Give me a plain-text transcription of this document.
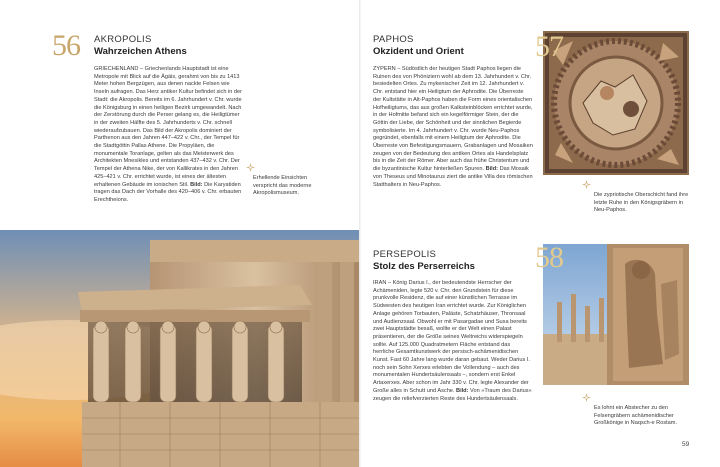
56 AKROPOLIS
Wahrzeichen Athens

GRIECHENLAND – Griechenlands Hauptstadt ist eine Metropole mit Blick auf die Ägäis, gerahmt von bis zu 1413 Meter hohen Bergzügen, aus denen nackte Felsen wie Inseln aufragen. Das Herz antiker Kultur befindet sich in der Stadt: die Akropolis. Bereits im 6. Jahrhundert v. Chr. wurde die Königsburg in einen heiligen Bezirk umgewandelt. Nach der Zerstörung durch die Perser gelang es, die Heiligtümer in der zweiten Hälfte des 5. Jahrhunderts v. Chr. schnell wiederaufzubauen. Das Bild der Akropolis dominiert der Parthenon aus den Jahren 447–422 v. Chr., der Tempel für die Stadtgöttin Pallas Athene. Die Propyläen, die monumentale Toranlage, gelten als das Meisterwerk des Architekten Mnesikles und entstanden 437–432 v. Chr. Der Tempel der Athena Nike, der von Kallikrates in den Jahren 425–421 v. Chr. errichtet wurde, ist eines der ältesten erhaltenen Gebäude im ionischen Stil. Bild: Die Karyatiden tragen das Dach der Vorhalle des 420–406 v. Chr. erbauten Erechtheions.

Erhellende Einsichten verspricht das moderne Akropolismuseum.
PAPHOS
Okzident und Orient

ZYPERN – Südöstlich der heutigen Stadt Paphos liegen die Ruinen des von Phöniziern wohl ab dem 13. Jahrhundert v. Chr. besiedelten Ortes. Zu mykenischer Zeit im 12. Jahrhundert v. Chr. entstand hier ein Heiligtum der Aphrodite. Die Überreste der Kultstätte in Alt-Paphos haben die Form eines orientalischen Hofheiligtums, das aus großen Kalksteinblöcken errichtet wurde, in der Hofmitte befand sich ein kegelförmiger Stein, der die Göttin der Liebe, der Schönheit und der sinnlichen Begierde symbolisierte. Im 4. Jahrhundert v. Chr. wurde Neu-Paphos gegründet, ebenfalls mit einem Heiligtum der Aphrodite. Die Überreste von Befestigungsmauern, Grabanlagen und Mosaiken zeugen von der Bedeutung des antiken Ortes als Handelsplatz bis in die Zeit der Römer. Aber auch das frühe Christentum und die byzantinische Kultur hinterließen Spuren. Bild: Das Mosaik von Theseus und Minotaurus ziert die antike Villa des römischen Statthalters in Neu-Paphos.

57
Die zypriotische Oberschicht fand ihre letzte Ruhe in den Königsgräbern in Neu-Paphos.
PERSEPOLIS
Stolz des Perserreichs

IRAN – König Darius I., der bedeutendste Herrscher der Achämeniden, legte 520 v. Chr. den Grundstein für diese prunkvolle Residenz, die auf einer künstlichen Terrasse im Südwesten des heutigen Iran errichtet wurde. Zur Königlichen Anlage gehören Torbauten, Paläste, Schatzhäuser, Thronsaal und Audienzsaal. Obwohl er mit Pasargadae und Susa bereits zwei Hauptstädte besaß, wollte er der Welt einen Palast präsentieren, der die Größe seines Weltreichs widerspiegeln sollte. Auf 125.000 Quadratmetern Fläche entstand das herrliche Gesamtkunstwerk der persisch-achämenidischen Kunst. Fast 60 Jahre lang wurde daran gebaut. Weder Darius I. noch sein Sohn Xerxes erlebten die Vollendung – auch des monumentalen Hundertsäulensaals –, sondern erst Enkel Artaxerxes. Aber schon im Jahr 330 v. Chr. legte Alexander der Große alles in Schutt und Asche. Bild: Von »Traum des Darius« zeugen die reliefverzierten Reste des Hundertsäulensaals.

58
Es lohnt ein Abstecher zu den Felsengräbern achämenidischer Großkönige in Naqsch-e Rostam.
59
